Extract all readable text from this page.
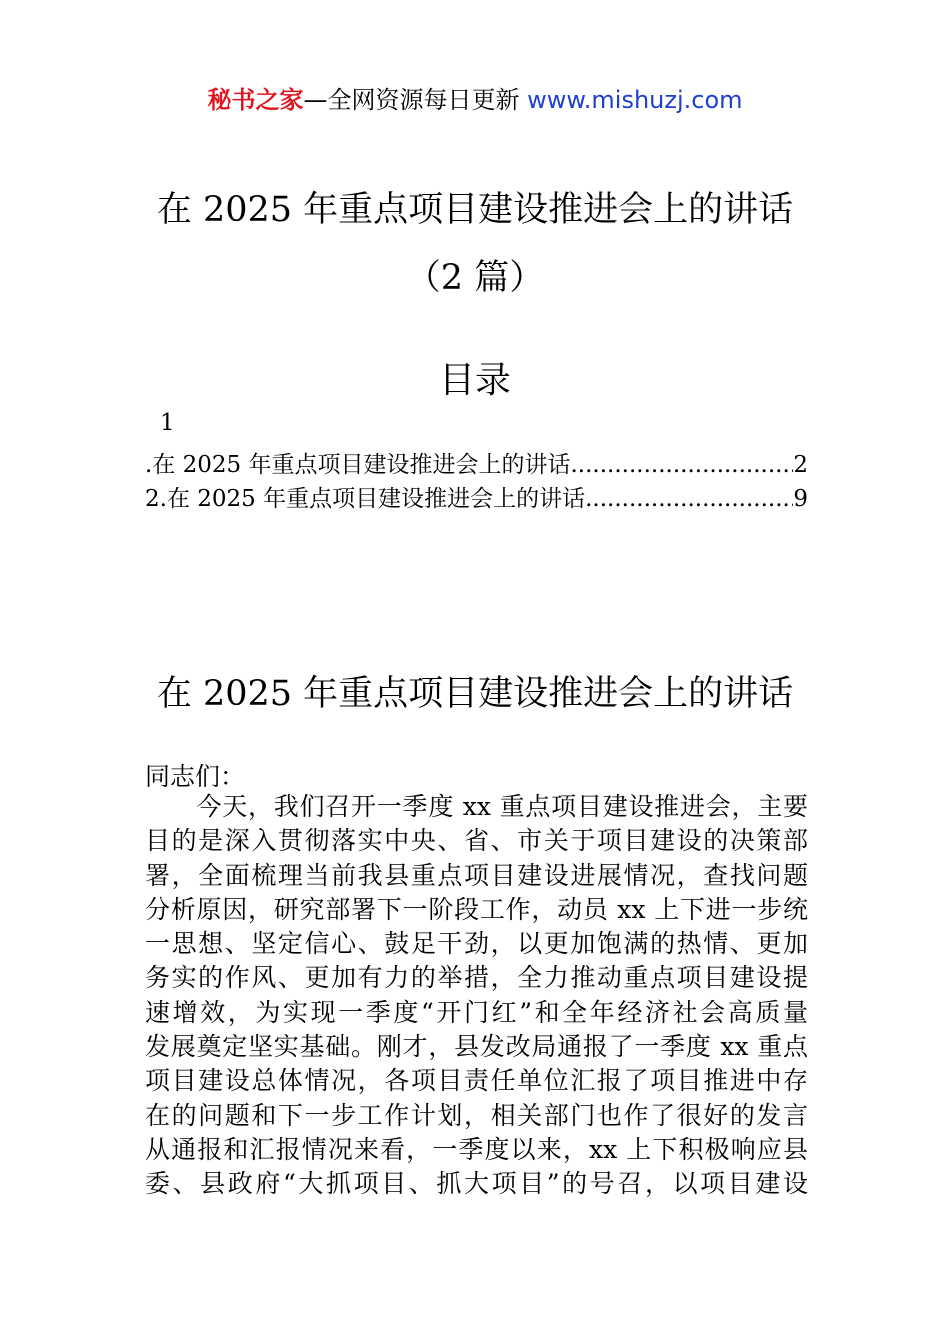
秘书之家—全网资源每日更新 www.mishuzj.com
在 2025 年重点项目建设推进会上的讲话
（2 篇）
目录
1
.在 2025 年重点项目建设推进会上的讲话 .....	2
2.在 2025 年重点项目建设推进会上的讲话 .....	9
在 2025 年重点项目建设推进会上的讲话
同志们：
　　今天，我们召开一季度 xx 重点项目建设推进会，主要
目的是深入贯彻落实中央、省、市关于项目建设的决策部
署，全面梳理当前我县重点项目建设进展情况，查找问题
分析原因，研究部署下一阶段工作，动员 xx 上下进一步统
一思想、坚定信心、鼓足干劲，以更加饱满的热情、更加
务实的作风、更加有力的举措，全力推动重点项目建设提
速增效，为实现一季度“开门红”和全年经济社会高质量
发展奠定坚实基础。刚才，县发改局通报了一季度 xx 重点
项目建设总体情况，各项目责任单位汇报了项目推进中存
在的问题和下一步工作计划，相关部门也作了很好的发言
从通报和汇报情况来看，一季度以来，xx 上下积极响应县
委、县政府“大抓项目、抓大项目”的号召，以项目建设
